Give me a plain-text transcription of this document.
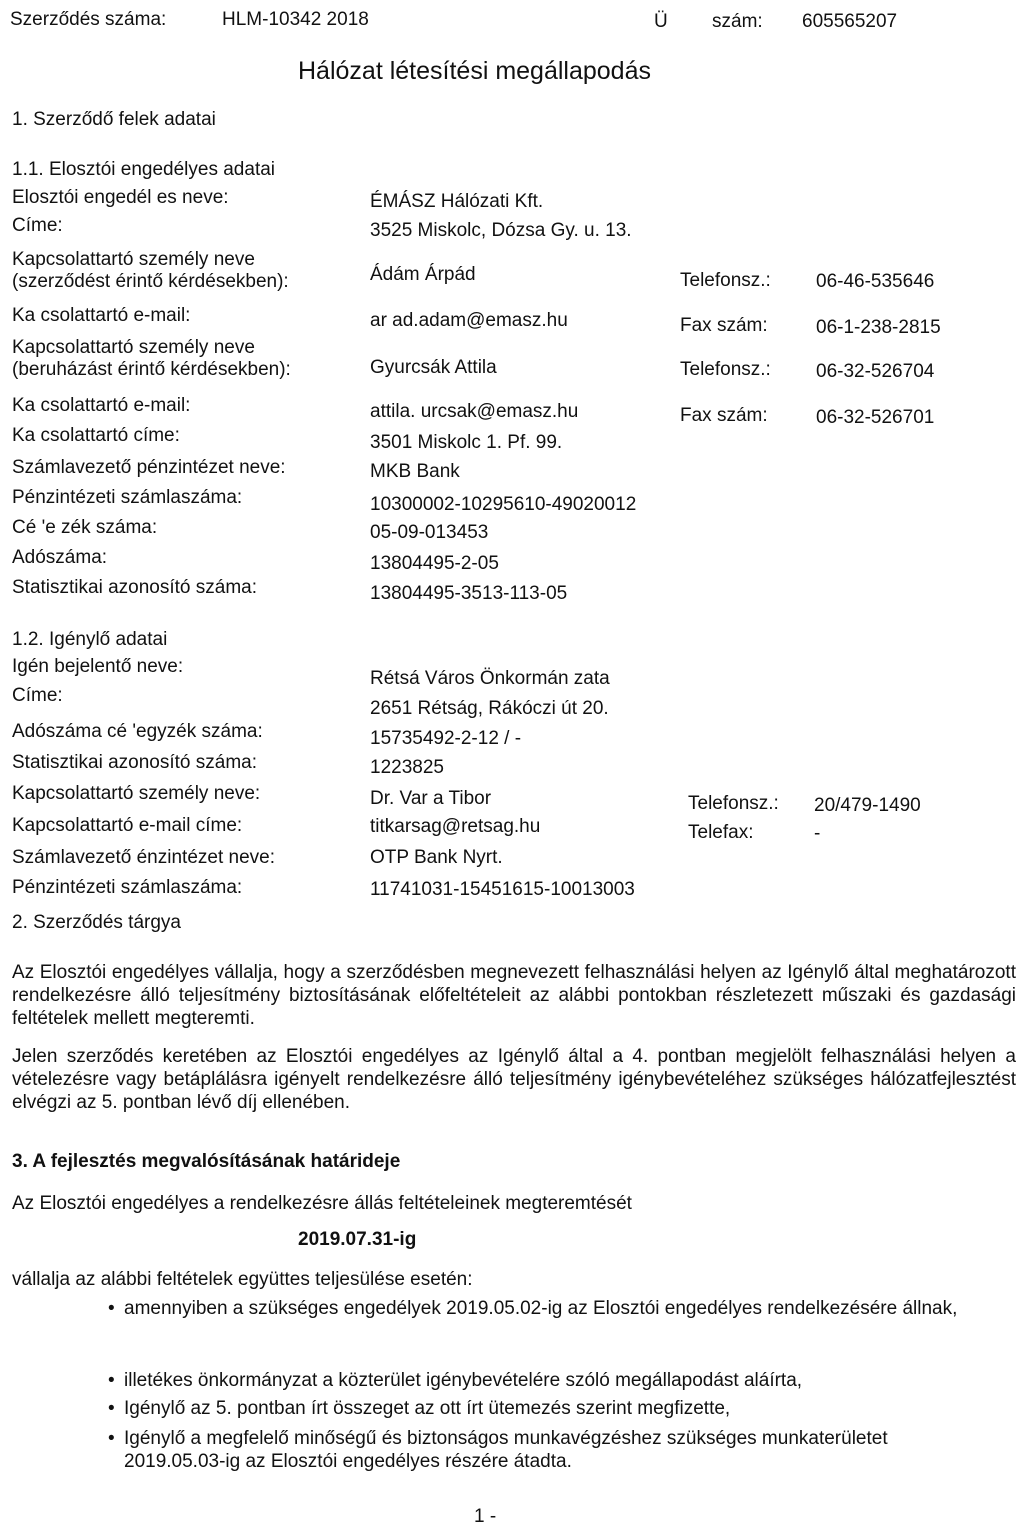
Szerződés száma:	HLM-10342 2018	Ü szám: 605565207
Hálózat létesítési megállapodás
1. Szerződő felek adatai
1.1. Elosztói engedélyes adatai
Elosztói engedél es neve:	ÉMÁSZ Hálózati Kft.
Címe:	3525 Miskolc, Dózsa Gy. u. 13.
Kapcsolattartó személy neve
(szerződést érintő kérdésekben):	Ádám Árpád	Telefonsz.: 06-46-535646
Ka csolattartó e-mail:	ar ad.adam@emasz.hu	Fax szám:	06-1-238-2815
Kapcsolattartó személy neve
(beruházást érintő kérdésekben):	Gyurcsák Attila	Telefonsz.: 06-32-526704
Ka csolattartó e-mail:	attila. urcsak@emasz.hu	Fax szám:	06-32-526701
Ka csolattartó címe:	3501 Miskolc 1. Pf. 99.
Számlavezető pénzintézet neve:	MKB Bank
Pénzintézeti számlaszáma:	10300002-10295610-49020012
Cé 'e zék száma:	05-09-013453
Adószáma:	13804495-2-05
Statisztikai azonosító száma:	13804495-3513-113-05
1.2. Igénylő adatai
Igén bejelentő neve:
Rétsá Város Önkormán zata
Címe:
2651 Rétság, Rákóczi út 20.
Adószáma cé 'egyzék száma:	15735492-2-12 / -
Statisztikai azonosító száma:	1223825
Kapcsolattartó személy neve:	Dr. Var a Tibor	Telefonsz.: 20/479-1490
Kapcsolattartó e-mail címe:	titkarsag@retsag.hu	Telefax:	-
Számlavezető énzintézet neve:	OTP Bank Nyrt.
Pénzintézeti számlaszáma:	11741031-15451615-10013003
2. Szerződés tárgya
Az Elosztói engedélyes vállalja, hogy a szerződésben megnevezett felhasználási helyen az Igénylő által meghatározott rendelkezésre álló teljesítmény biztosításának előfeltételeit az alábbi pontokban részletezett műszaki és gazdasági feltételek mellett megteremti.
Jelen szerződés keretében az Elosztói engedélyes az Igénylő által a 4. pontban megjelölt felhasználási helyen a vételezésre vagy betáplálásra igényelt rendelkezésre álló teljesítmény igénybevételéhez szükséges hálózatfejlesztést elvégzi az 5. pontban lévő díj ellenében.
3. A fejlesztés megvalósításának határideje
Az Elosztói engedélyes a rendelkezésre állás feltételeinek megteremtését
2019.07.31-ig
vállalja az alábbi feltételek együttes teljesülése esetén:
• amennyiben a szükséges engedélyek 2019.05.02-ig az Elosztói engedélyes rendelkezésére állnak,
• illetékes önkormányzat a közterület igénybevételére szóló megállapodást aláírta,
• Igénylő az 5. pontban írt összeget az ott írt ütemezés szerint megfizette,
• Igénylő a megfelelő minőségű és biztonságos munkavégzéshez szükséges munkaterületet 2019.05.03-ig az Elosztói engedélyes részére átadta.
1 -
